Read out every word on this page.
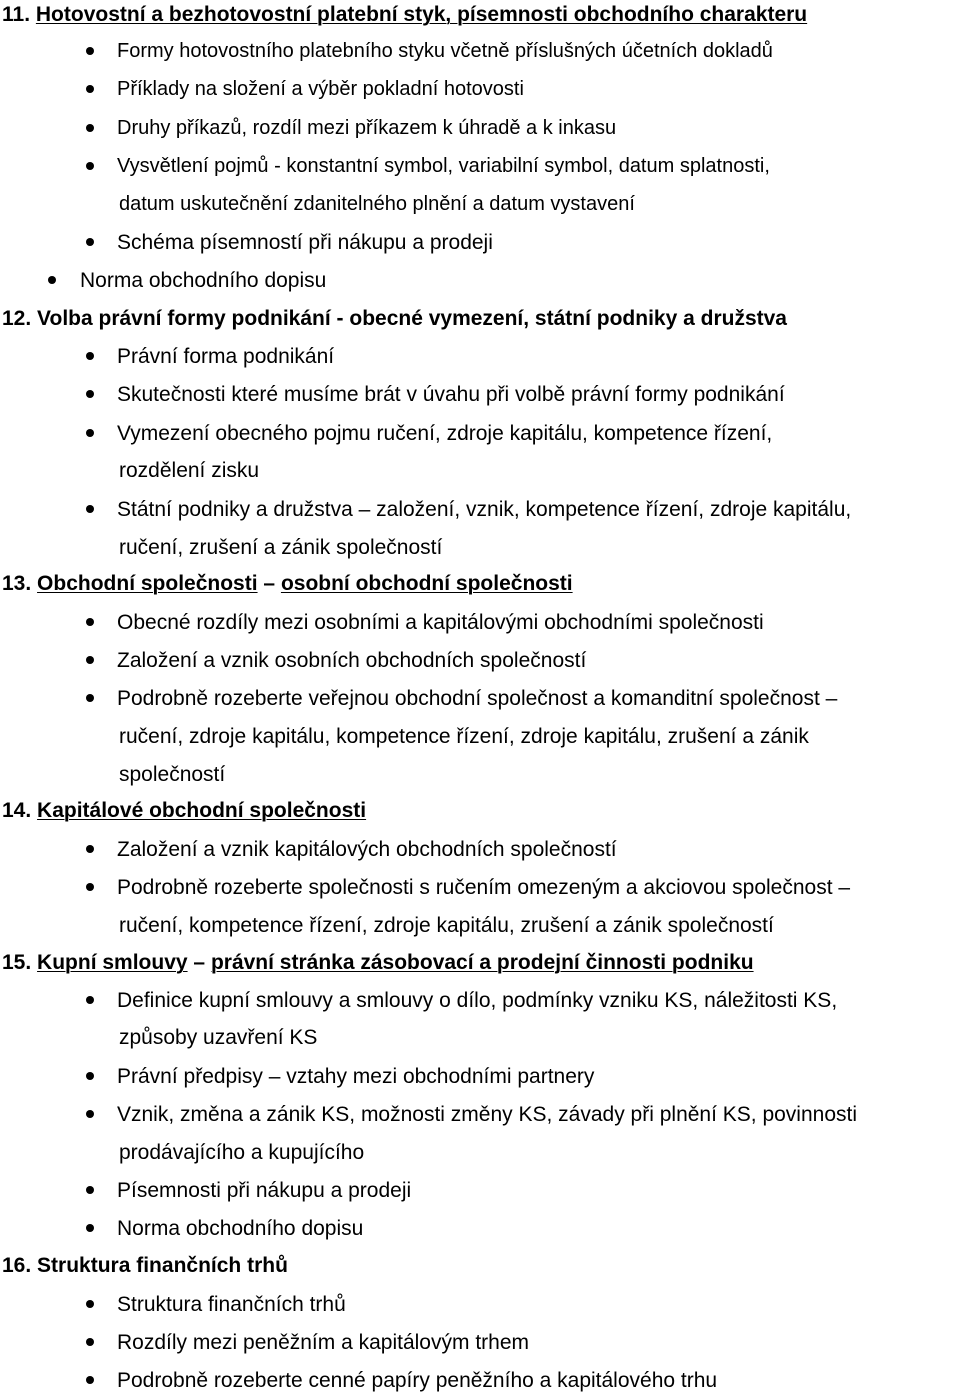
11. Hotovostní a bezhotovostní platební styk, písemnosti obchodního charakteru
Formy hotovostního platebního styku včetně příslušných účetních dokladů
Příklady na složení a výběr pokladní hotovosti
Druhy příkazů, rozdíl mezi příkazem k úhradě a k inkasu
Vysvětlení pojmů - konstantní symbol, variabilní symbol, datum splatnosti,
datum uskutečnění zdanitelného plnění a datum vystavení
Schéma písemností při nákupu a prodeji
Norma obchodního dopisu
12. Volba právní formy podnikání - obecné vymezení, státní podniky a družstva
Právní forma podnikání
Skutečnosti které musíme brát v úvahu při volbě právní formy podnikání
Vymezení obecného pojmu ručení, zdroje kapitálu, kompetence řízení,
rozdělení zisku
Státní podniky a družstva – založení, vznik, kompetence řízení, zdroje kapitálu,
ručení, zrušení a zánik společností
13. Obchodní společnosti – osobní obchodní společnosti
Obecné rozdíly mezi osobními a kapitálovými obchodními společnosti
Založení a vznik osobních obchodních společností
Podrobně rozeberte veřejnou obchodní společnost a komanditní společnost –
ručení, zdroje kapitálu, kompetence řízení, zdroje kapitálu, zrušení a zánik
společností
14. Kapitálové obchodní společnosti
Založení a vznik kapitálových obchodních společností
Podrobně rozeberte společnosti s ručením omezeným a akciovou společnost –
ručení, kompetence řízení, zdroje kapitálu, zrušení a zánik společností
15. Kupní smlouvy – právní stránka zásobovací a prodejní činnosti podniku
Definice kupní smlouvy a smlouvy o dílo, podmínky vzniku KS, náležitosti KS,
způsoby uzavření KS
Právní předpisy – vztahy mezi obchodními partnery
Vznik, změna a zánik KS, možnosti změny KS, závady při plnění KS, povinnosti
prodávajícího a kupujícího
Písemnosti při nákupu a prodeji
Norma obchodního dopisu
16. Struktura finančních trhů
Struktura finančních trhů
Rozdíly mezi peněžním a kapitálovým trhem
Podrobně rozeberte cenné papíry peněžního a kapitálového trhu
